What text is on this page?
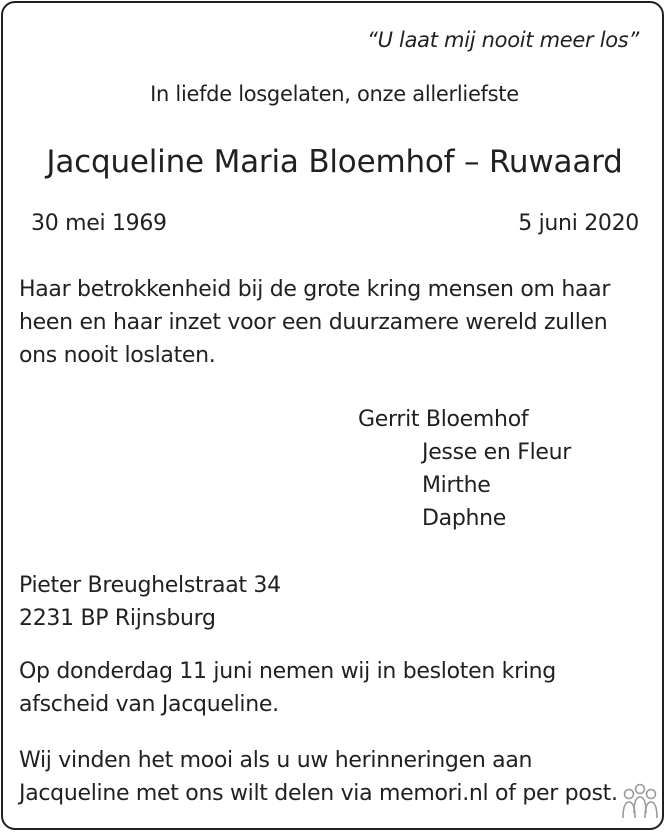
“U laat mij nooit meer los”
In liefde losgelaten, onze allerliefste
Jacqueline Maria Bloemhof – Ruwaard
30 mei 1969	5 juni 2020
Haar betrokkenheid bij de grote kring mensen om haar
heen en haar inzet voor een duurzamere wereld zullen
ons nooit loslaten.
Gerrit Bloemhof
Jesse en Fleur
Mirthe
Daphne
Pieter Breughelstraat 34
2231 BP Rijnsburg
Op donderdag 11 juni nemen wij in besloten kring
afscheid van Jacqueline.
Wij vinden het mooi als u uw herinneringen aan
Jacqueline met ons wilt delen via memori.nl of per post.
